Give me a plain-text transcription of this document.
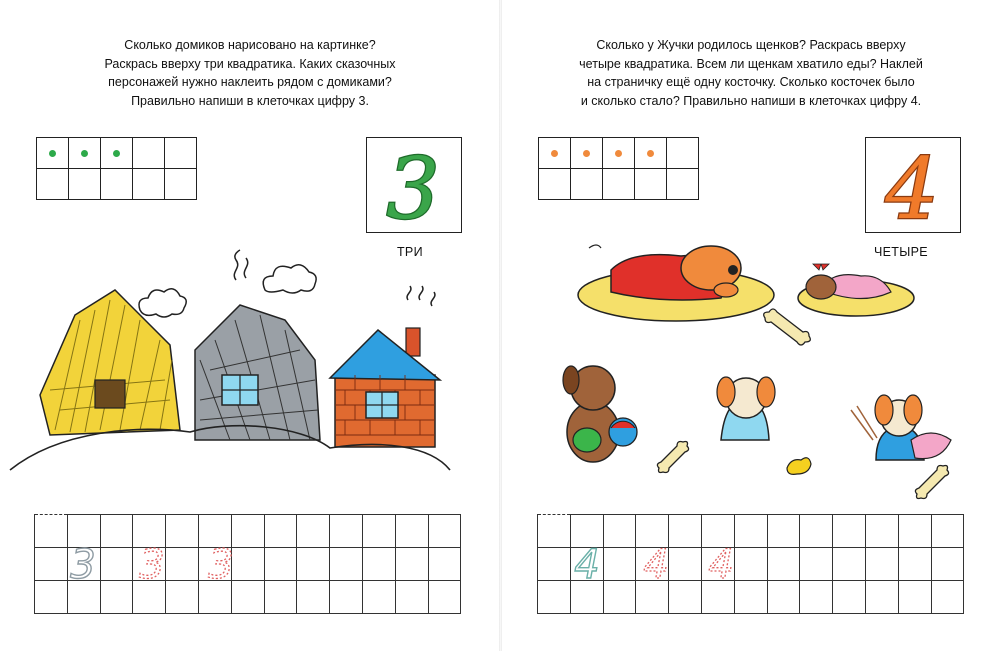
Сколько домиков нарисовано на картинке?
Раскрась вверху три квадратика. Каких сказочных
персонажей нужно наклеить рядом с домиками?
Правильно напиши в клеточках цифру 3.

3
ТРИ

3 3 3

Сколько у Жучки родилось щенков? Раскрась вверху
четыре квадратика. Всем ли щенкам хватило еды? Наклей
на страничку ещё одну косточку. Сколько косточек было
и сколько стало? Правильно напиши в клеточках цифру 4.

4
ЧЕТЫРЕ

4 4 4
